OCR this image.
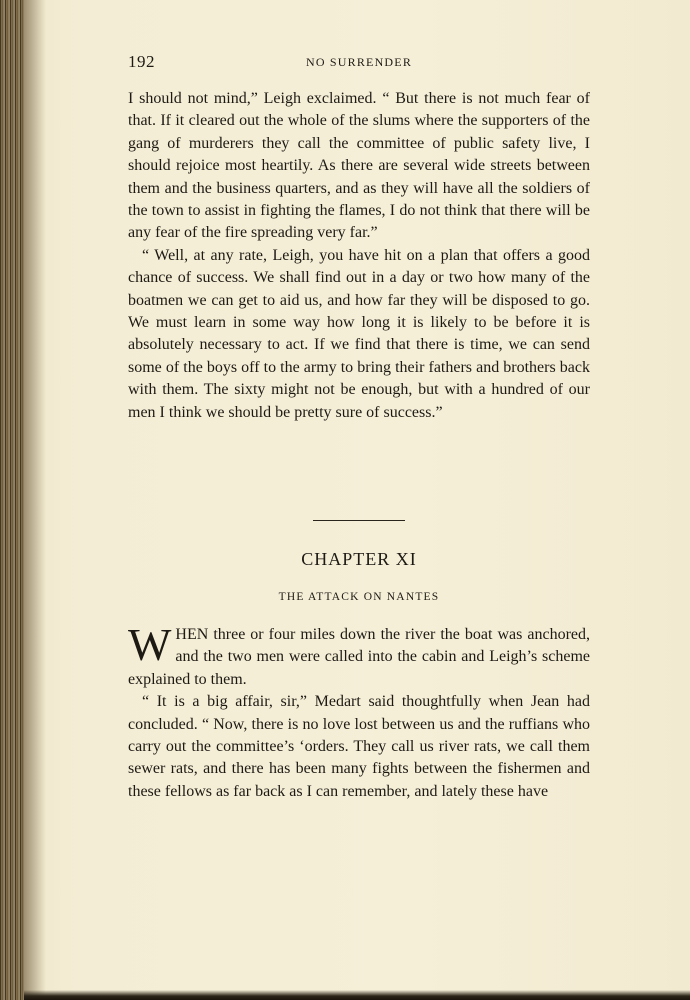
192	NO SURRENDER

I should not mind,” Leigh exclaimed. “ But there is not much fear of that. If it cleared out the whole of the slums where the supporters of the gang of murderers they call the committee of public safety live, I should rejoice most heartily. As there are several wide streets between them and the business quarters, and as they will have all the soldiers of the town to assist in fighting the flames, I do not think that there will be any fear of the fire spreading very far.”

“ Well, at any rate, Leigh, you have hit on a plan that offers a good chance of success. We shall find out in a day or two how many of the boatmen we can get to aid us, and how far they will be disposed to go. We must learn in some way how long it is likely to be before it is absolutely necessary to act. If we find that there is time, we can send some of the boys off to the army to bring their fathers and brothers back with them. The sixty might not be enough, but with a hundred of our men I think we should be pretty sure of success.”

CHAPTER XI
THE ATTACK ON NANTES

WHEN three or four miles down the river the boat was anchored, and the two men were called into the cabin and Leigh’s scheme explained to them.

“ It is a big affair, sir,” Medart said thoughtfully when Jean had concluded. “ Now, there is no love lost between us and the ruffians who carry out the committee’s ‘orders. They call us river rats, we call them sewer rats, and there has been many fights between the fishermen and these fellows as far back as I can remember, and lately these have
